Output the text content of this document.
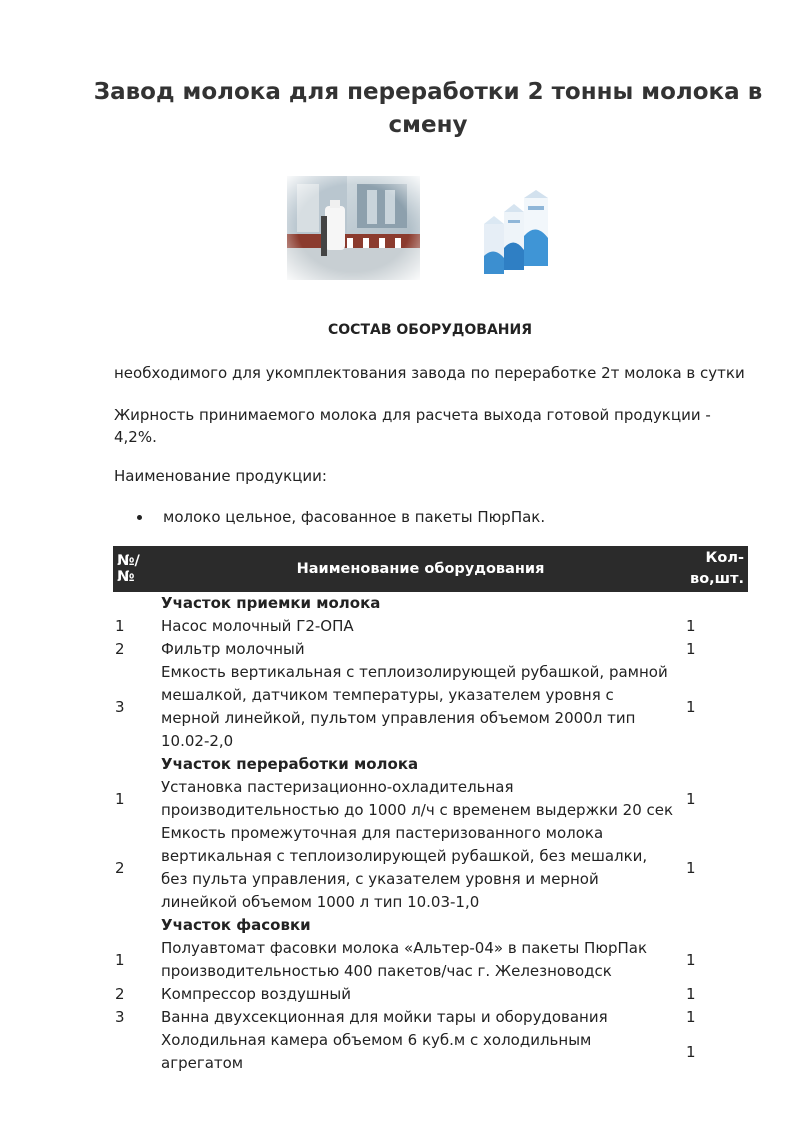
Завод молока для переработки 2 тонны молока в смену
СОСТАВ ОБОРУДОВАНИЯ
необходимого для укомплектования завода по переработке 2т молока в сутки
Жирность принимаемого молока для расчета выхода готовой продукции - 4,2%.
Наименование продукции:
молоко цельное, фасованное в пакеты ПюрПак.
№/№	Наименование оборудования	Кол-во,шт.
	Участок приемки молока	
1	Насос молочный Г2-ОПА	1
2	Фильтр молочный	1
3	Емкость вертикальная с теплоизолирующей рубашкой, рамной мешалкой, датчиком температуры, указателем уровня с мерной линейкой, пультом управления объемом 2000л тип 10.02-2,0	1
	Участок переработки молока	
1	Установка пастеризационно-охладительная производительностью до 1000 л/ч с временем выдержки 20 сек	1
2	Емкость промежуточная для пастеризованного молока вертикальная с теплоизолирующей рубашкой, без мешалки, без пульта управления, с указателем уровня и мерной линейкой объемом 1000 л тип 10.03-1,0	1
	Участок фасовки	
1	Полуавтомат фасовки молока «Альтер-04» в пакеты ПюрПак производительностью 400 пакетов/час г. Железноводск	1
2	Компрессор воздушный	1
3	Ванна двухсекционная для мойки тары и оборудования	1
	Холодильная камера объемом 6 куб.м с холодильным агрегатом	1
